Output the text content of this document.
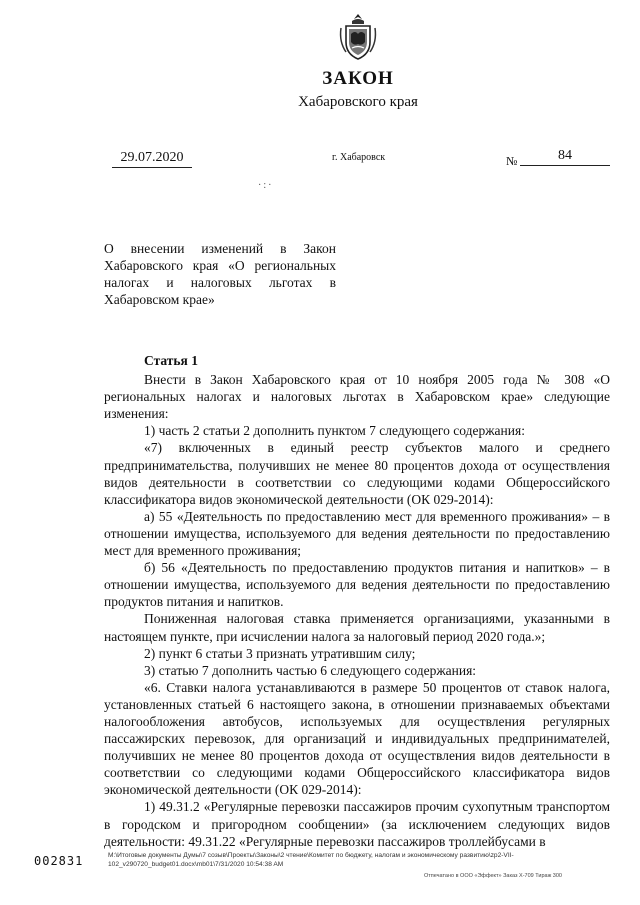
ЗАКОН
Хабаровского края
29.07.2020	г. Хабаровск	№	84
·:·
О внесении изменений в Закон Хабаровского края «О региональных налогах и налоговых льготах в Хабаровском крае»
Статья 1

Внести в Закон Хабаровского края от 10 ноября 2005 года № 308 «О региональных налогах и налоговых льготах в Хабаровском крае» следующие изменения:

1) часть 2 статьи 2 дополнить пунктом 7 следующего содержания:

«7) включенных в единый реестр субъектов малого и среднего предпринимательства, получивших не менее 80 процентов дохода от осуществления видов деятельности в соответствии со следующими кодами Общероссийского классификатора видов экономической деятельности (ОК 029-2014):

а) 55 «Деятельность по предоставлению мест для временного проживания» – в отношении имущества, используемого для ведения деятельности по предоставлению мест для временного проживания;

б) 56 «Деятельность по предоставлению продуктов питания и напитков» – в отношении имущества, используемого для ведения деятельности по предоставлению продуктов питания и напитков.

Пониженная налоговая ставка применяется организациями, указанными в настоящем пункте, при исчислении налога за налоговый период 2020 года.»;

2) пункт 6 статьи 3 признать утратившим силу;

3) статью 7 дополнить частью 6 следующего содержания:

«6. Ставки налога устанавливаются в размере 50 процентов от ставок налога, установленных статьей 6 настоящего закона, в отношении признаваемых объектами налогообложения автобусов, используемых для осуществления регулярных пассажирских перевозок, для организаций и индивидуальных предпринимателей, получивших не менее 80 процентов дохода от осуществления видов деятельности в соответствии со следующими кодами Общероссийского классификатора видов экономической деятельности (ОК 029-2014):

1) 49.31.2 «Регулярные перевозки пассажиров прочим сухопутным транспортом в городском и пригородном сообщении» (за исключением следующих видов деятельности: 49.31.22 «Регулярные перевозки пассажиров троллейбусами в

002831	M:\Итоговые документы Думы\7 созыв\Проекты\Законы\2 чтение\Комитет по бюджету, налогам и экономическому развитию\zp2-VII-102_v290720_budget01.docx\mb01\7/31/2020 10:54:38 AM
Отпечатано в ООО «Эффект» Заказ Х-709 Тираж 300
